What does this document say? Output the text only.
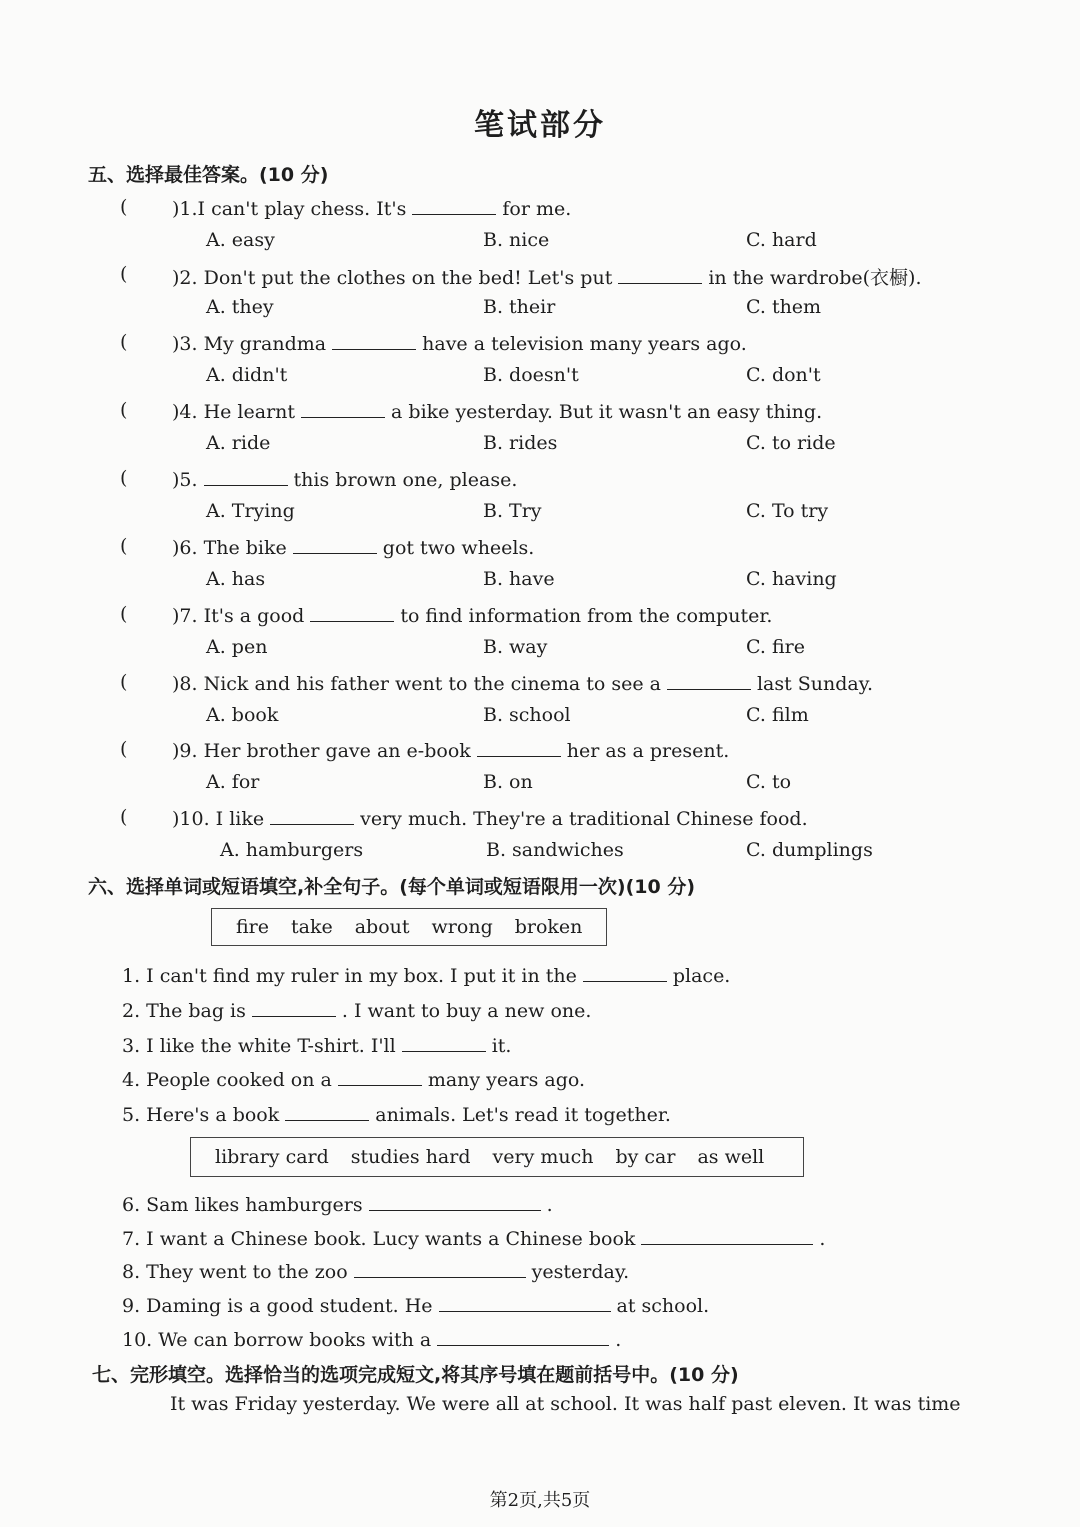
笔试部分
五、选择最佳答案。(10 分)
( )1.I can't play chess. It's	for me.
A. easy	B. nice	C. hard
( )2. Don't put the clothes on the bed! Let's put	in the wardrobe(衣橱).
A. they	B. their	C. them
( )3. My grandma	have a television many years ago.
A. didn't	B. doesn't	C. don't
( )4. He learnt	a bike yesterday. But it wasn't an easy thing.
A. ride	B. rides	C. to ride
( )5.	this brown one, please.
A. Trying	B. Try	C. To try
( )6. The bike	got two wheels.
A. has	B. have	C. having
( )7. It's a good	to find information from the computer.
A. pen	B. way	C. fire
( )8. Nick and his father went to the cinema to see a	last Sunday.
A. book	B. school	C. film
( )9. Her brother gave an e-book	her as a present.
A. for	B. on	C. to
( )10. I like	very much. They're a traditional Chinese food.
A. hamburgers	B. sandwiches	C. dumplings
六、选择单词或短语填空,补全句子。(每个单词或短语限用一次)(10 分)
fire take about wrong broken
library card studies hard very much by car as well
1. I can't find my ruler in my box. I put it in the	place.
2. The bag is	. I want to buy a new one.
3. I like the white T-shirt. I'll	it.
4. People cooked on a	many years ago.
5. Here's a book	animals. Let's read it together.
6. Sam likes hamburgers	.
7. I want a Chinese book. Lucy wants a Chinese book	.
8. They went to the zoo	yesterday.
9. Daming is a good student. He	at school.
10. We can borrow books with a	.
七、完形填空。选择恰当的选项完成短文,将其序号填在题前括号中。(10 分)
It was Friday yesterday. We were all at school. It was half past eleven. It was time
第2页,共5页
